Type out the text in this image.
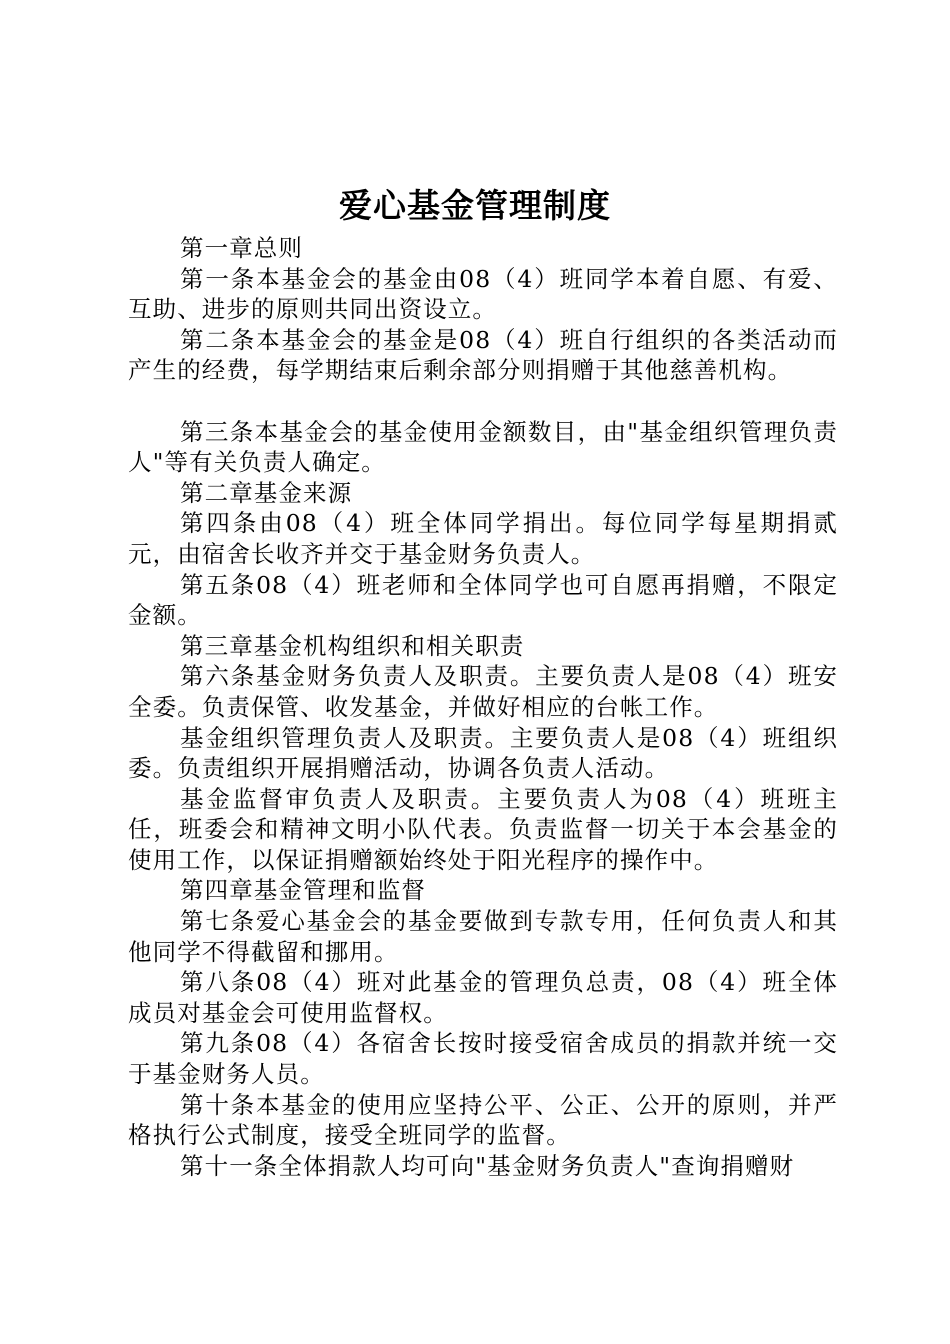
爱心基金管理制度

第一章总则

第一条本基金会的基金由08（4）班同学本着自愿、有爱、互助、进步的原则共同出资设立。

第二条本基金会的基金是08（4）班自行组织的各类活动而产生的经费，每学期结束后剩余部分则捐赠于其他慈善机构。

第三条本基金会的基金使用金额数目，由"基金组织管理负责人"等有关负责人确定。

第二章基金来源

第四条由08（4）班全体同学捐出。每位同学每星期捐贰元，由宿舍长收齐并交于基金财务负责人。

第五条08（4）班老师和全体同学也可自愿再捐赠，不限定金额。

第三章基金机构组织和相关职责

第六条基金财务负责人及职责。主要负责人是08（4）班安全委。负责保管、收发基金，并做好相应的台帐工作。

基金组织管理负责人及职责。主要负责人是08（4）班组织委。负责组织开展捐赠活动，协调各负责人活动。

基金监督审负责人及职责。主要负责人为08（4）班班主任，班委会和精神文明小队代表。负责监督一切关于本会基金的使用工作，以保证捐赠额始终处于阳光程序的操作中。

第四章基金管理和监督

第七条爱心基金会的基金要做到专款专用，任何负责人和其他同学不得截留和挪用。

第八条08（4）班对此基金的管理负总责，08（4）班全体成员对基金会可使用监督权。

第九条08（4）各宿舍长按时接受宿舍成员的捐款并统一交于基金财务人员。

第十条本基金的使用应坚持公平、公正、公开的原则，并严格执行公式制度，接受全班同学的监督。

第十一条全体捐款人均可向"基金财务负责人"查询捐赠财
